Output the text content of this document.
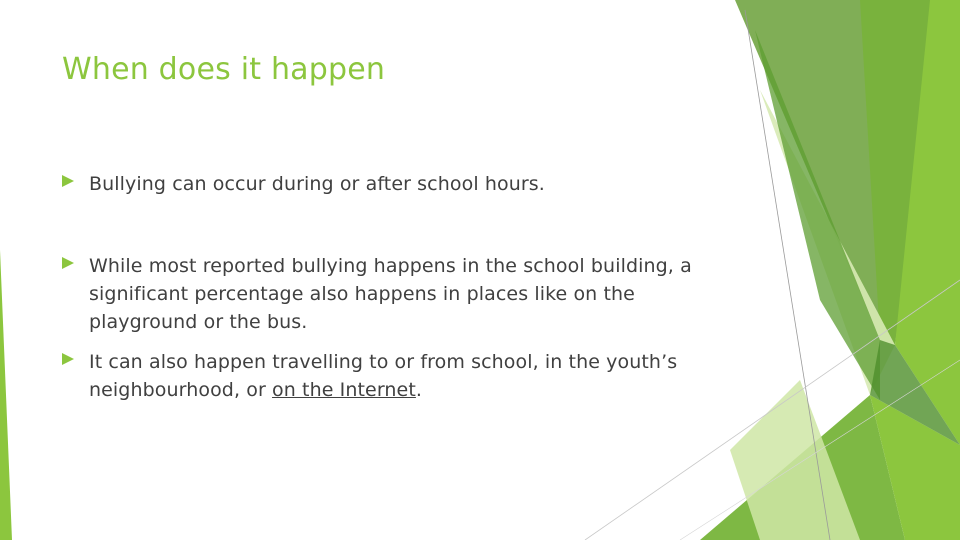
When does it happen
Bullying can occur during or after school hours.
While most reported bullying happens in the school building, a significant percentage also happens in places like on the playground or the bus.
It can also happen travelling to or from school, in the youth’s neighbourhood, or on the Internet.
